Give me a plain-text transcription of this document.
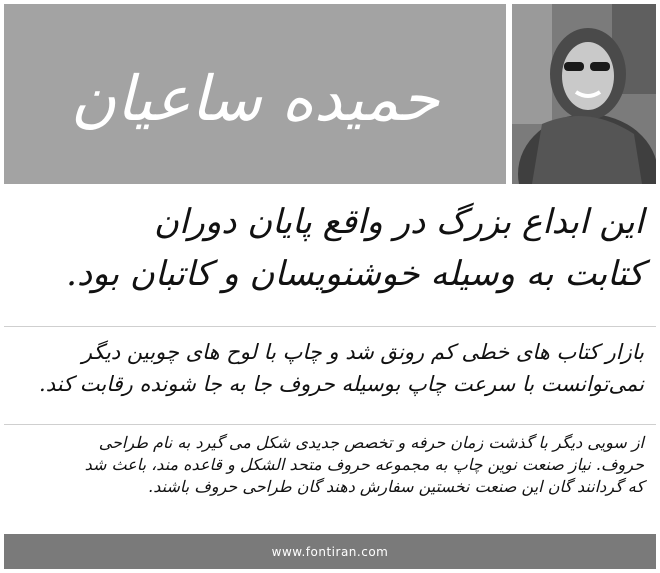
حمیده ساعیان
این ابداع بزرگ در واقع پایان دوران
کتابت به وسیله خوشنویسان و کاتبان بود.
بازار کتاب های خطی کم رونق شد و چاپ با لوح های چوبین دیگر
نمی‌توانست با سرعت چاپ بوسیله حروف جا به جا شونده رقابت کند.
از سویی دیگر با گذشت زمان حرفه و تخصص جدیدی شکل می گیرد به نام طراحی
حروف. نیاز صنعت نوین چاپ به مجموعه حروف متحد الشکل و قاعده مند، باعث شد
که گردانند گان این صنعت نخستین سفارش دهند گان طراحی حروف باشند.
www.fontiran.com
